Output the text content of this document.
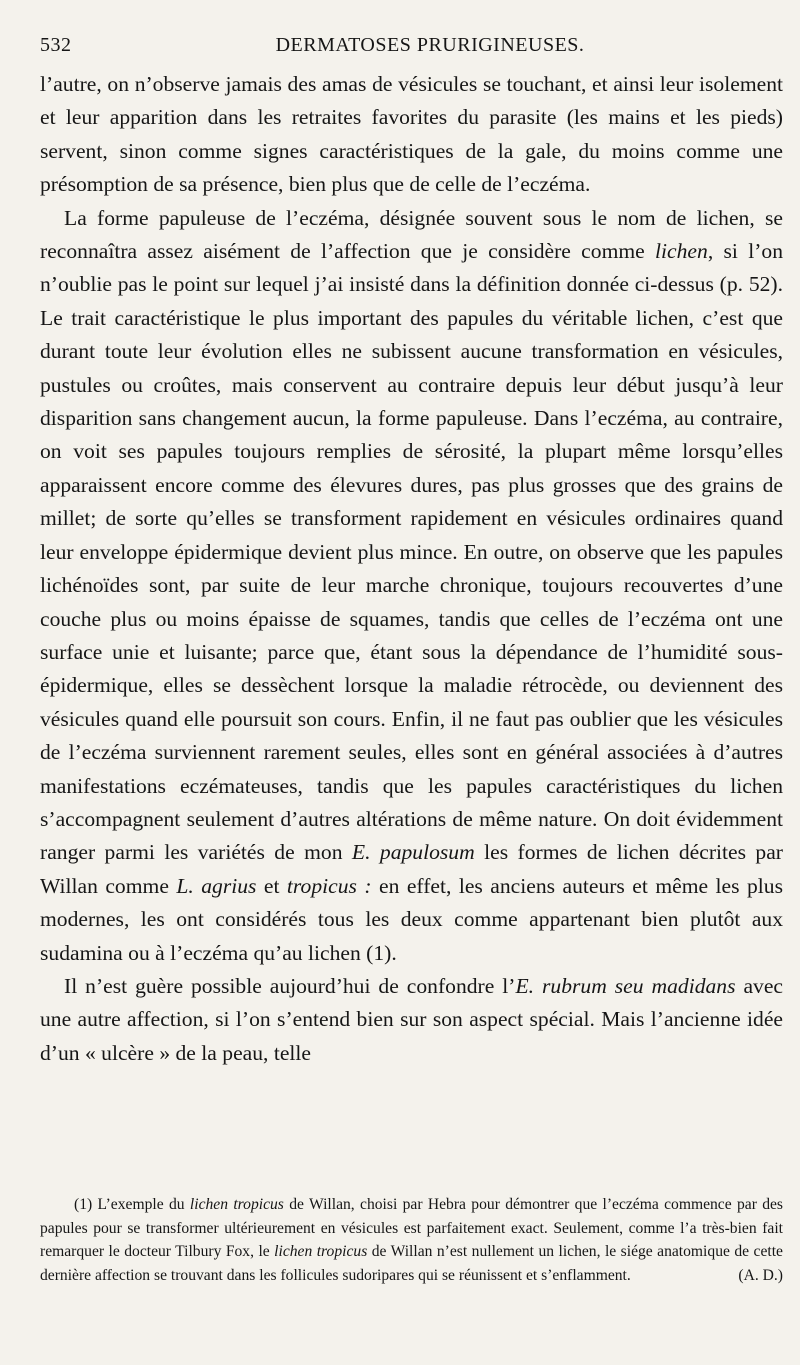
532	DERMATOSES PRURIGINEUSES.

l’autre, on n’observe jamais des amas de vésicules se touchant, et ainsi leur isolement et leur apparition dans les retraites favorites du parasite (les mains et les pieds) servent, sinon comme signes caractéristiques de la gale, du moins comme une présomption de sa présence, bien plus que de celle de l’eczéma.

La forme papuleuse de l’eczéma, désignée souvent sous le nom de lichen, se reconnaîtra assez aisément de l’affection que je considère comme lichen, si l’on n’oublie pas le point sur lequel j’ai insisté dans la définition donnée ci-dessus (p. 52). Le trait caractéristique le plus important des papules du véritable lichen, c’est que durant toute leur évolution elles ne subissent aucune transformation en vésicules, pustules ou croûtes, mais conservent au contraire depuis leur début jusqu’à leur disparition sans changement aucun, la forme papuleuse. Dans l’eczéma, au contraire, on voit ses papules toujours remplies de sérosité, la plupart même lorsqu’elles apparaissent encore comme des élevures dures, pas plus grosses que des grains de millet; de sorte qu’elles se transforment rapidement en vésicules ordinaires quand leur enveloppe épidermique devient plus mince. En outre, on observe que les papules lichénoïdes sont, par suite de leur marche chronique, toujours recouvertes d’une couche plus ou moins épaisse de squames, tandis que celles de l’eczéma ont une surface unie et luisante; parce que, étant sous la dépendance de l’humidité sous-épidermique, elles se dessèchent lorsque la maladie rétrocède, ou deviennent des vésicules quand elle poursuit son cours. Enfin, il ne faut pas oublier que les vésicules de l’eczéma surviennent rarement seules, elles sont en général associées à d’autres manifestations eczémateuses, tandis que les papules caractéristiques du lichen s’accompagnent seulement d’autres altérations de même nature. On doit évidemment ranger parmi les variétés de mon E. papulosum les formes de lichen décrites par Willan comme L. agrius et tropicus : en effet, les anciens auteurs et même les plus modernes, les ont considérés tous les deux comme appartenant bien plutôt aux sudamina ou à l’eczéma qu’au lichen (1).

Il n’est guère possible aujourd’hui de confondre l’E. rubrum seu madidans avec une autre affection, si l’on s’entend bien sur son aspect spécial. Mais l’ancienne idée d’un « ulcère » de la peau, telle

(1) L’exemple du lichen tropicus de Willan, choisi par Hebra pour démontrer que l’eczéma commence par des papules pour se transformer ultérieurement en vésicules est parfaitement exact. Seulement, comme l’a très-bien fait remarquer le docteur Tilbury Fox, le lichen tropicus de Willan n’est nullement un lichen, le siége anatomique de cette dernière affection se trouvant dans les follicules sudoripares qui se réunissent et s’enflamment.	(A. D.)
